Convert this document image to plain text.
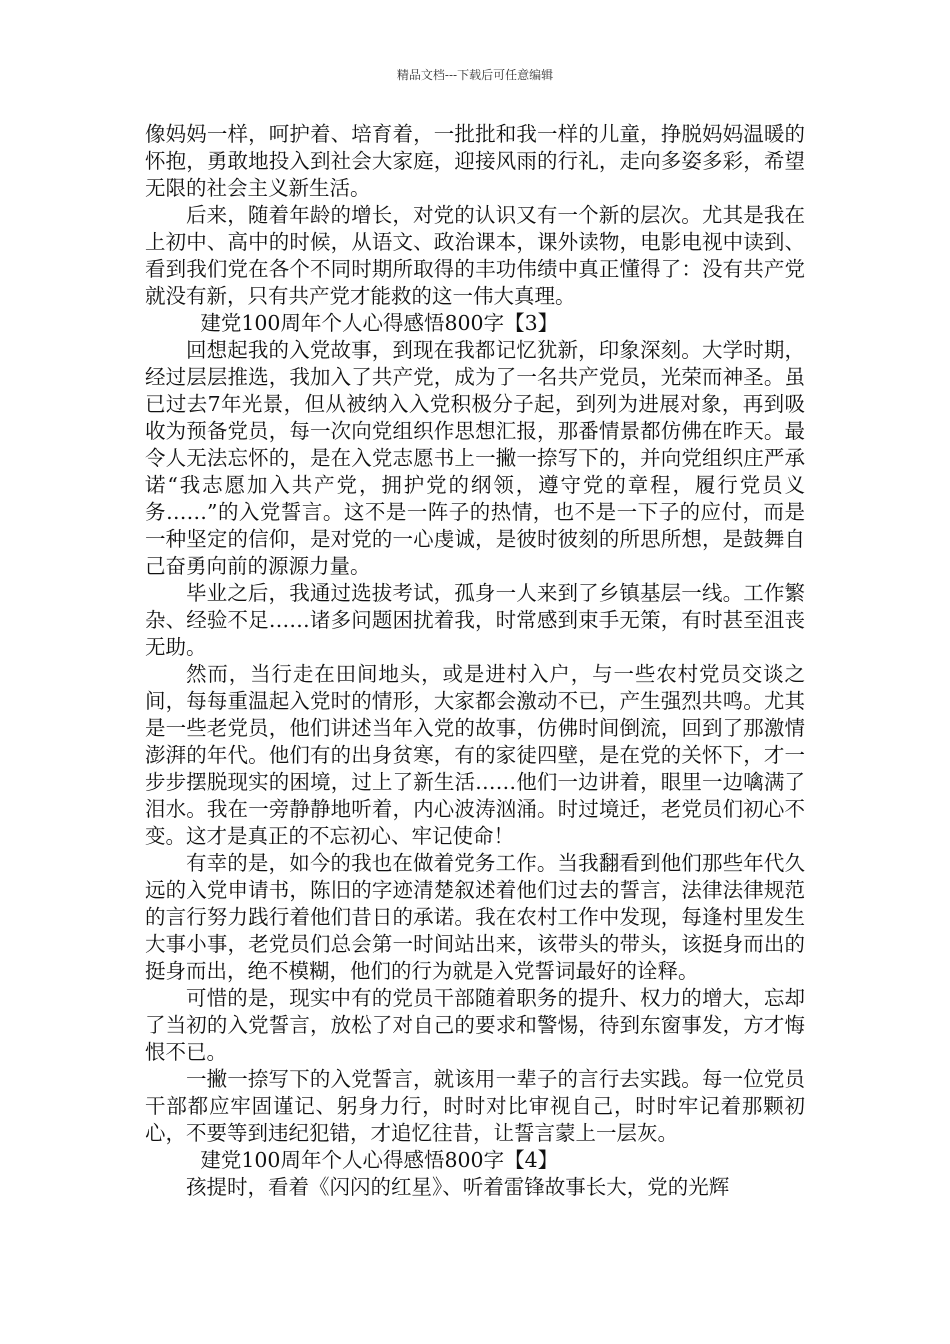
精品文档---下载后可任意编辑

像妈妈一样，呵护着、培育着，一批批和我一样的儿童，挣脱妈妈温暖的怀抱，勇敢地投入到社会大家庭，迎接风雨的行礼，走向多姿多彩，希望无限的社会主义新生活。

后来，随着年龄的增长，对党的认识又有一个新的层次。尤其是我在上初中、高中的时候，从语文、政治课本，课外读物，电影电视中读到、看到我们党在各个不同时期所取得的丰功伟绩中真正懂得了：没有共产党就没有新，只有共产党才能救的这一伟大真理。

建党100周年个人心得感悟800字【3】

回想起我的入党故事，到现在我都记忆犹新，印象深刻。大学时期，经过层层推选，我加入了共产党，成为了一名共产党员，光荣而神圣。虽已过去7年光景，但从被纳入入党积极分子起，到列为进展对象，再到吸收为预备党员，每一次向党组织作思想汇报，那番情景都仿佛在昨天。最令人无法忘怀的，是在入党志愿书上一撇一捺写下的，并向党组织庄严承诺“我志愿加入共产党，拥护党的纲领，遵守党的章程，履行党员义务……”的入党誓言。这不是一阵子的热情，也不是一下子的应付，而是一种坚定的信仰，是对党的一心虔诚，是彼时彼刻的所思所想，是鼓舞自己奋勇向前的源源力量。

毕业之后，我通过选拔考试，孤身一人来到了乡镇基层一线。工作繁杂、经验不足……诸多问题困扰着我，时常感到束手无策，有时甚至沮丧无助。

然而，当行走在田间地头，或是进村入户，与一些农村党员交谈之间，每每重温起入党时的情形，大家都会激动不已，产生强烈共鸣。尤其是一些老党员，他们讲述当年入党的故事，仿佛时间倒流，回到了那激情澎湃的年代。他们有的出身贫寒，有的家徒四壁，是在党的关怀下，才一步步摆脱现实的困境，过上了新生活……他们一边讲着，眼里一边噙满了泪水。我在一旁静静地听着，内心波涛汹涌。时过境迁，老党员们初心不变。这才是真正的不忘初心、牢记使命！

有幸的是，如今的我也在做着党务工作。当我翻看到他们那些年代久远的入党申请书，陈旧的字迹清楚叙述着他们过去的誓言，法律法律规范的言行努力践行着他们昔日的承诺。我在农村工作中发现，每逢村里发生大事小事，老党员们总会第一时间站出来，该带头的带头，该挺身而出的挺身而出，绝不模糊，他们的行为就是入党誓词最好的诠释。

可惜的是，现实中有的党员干部随着职务的提升、权力的增大，忘却了当初的入党誓言，放松了对自己的要求和警惕，待到东窗事发，方才悔恨不已。

一撇一捺写下的入党誓言，就该用一辈子的言行去实践。每一位党员干部都应牢固谨记、躬身力行，时时对比审视自己，时时牢记着那颗初心，不要等到违纪犯错，才追忆往昔，让誓言蒙上一层灰。

建党100周年个人心得感悟800字【4】

孩提时，看着《闪闪的红星》、听着雷锋故事长大，党的光辉
